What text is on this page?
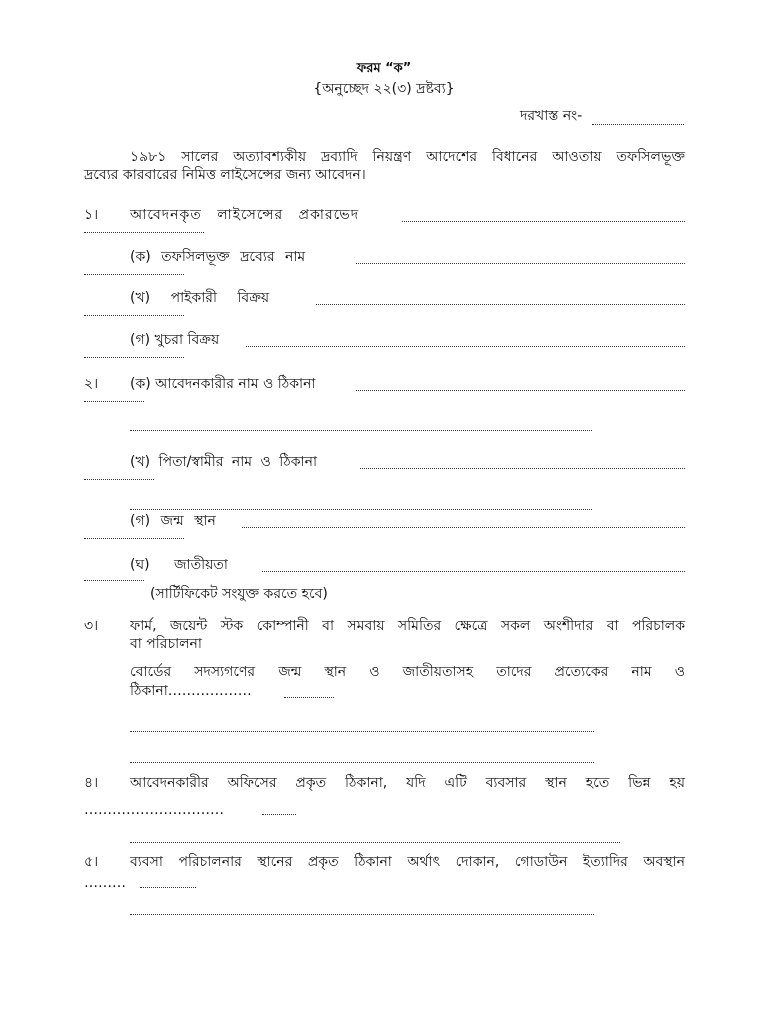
ফরম “ক”
{অনুচ্ছেদ ২২(৩) দ্রষ্টব্য}
দরখাস্ত নং-
১৯৮১ সালের অত্যাবশ্যকীয় দ্রব্যাদি নিয়ন্ত্রণ আদেশের বিধানের আওতায় তফসিলভূক্ত
দ্রব্যের কারবারের নিমিত্ত লাইসেন্সের জন্য আবেদন।
১। আবেদনকৃত লাইসেন্সের প্রকারভেদ
(ক) তফসিলভূক্ত দ্রব্যের নাম
(খ) পাইকারী বিক্রয়
(গ) খুচরা বিক্রয়
২। (ক) আবেদনকারীর নাম ও ঠিকানা
(খ) পিতা/স্বামীর নাম ও ঠিকানা
(গ) জন্ম স্থান
(ঘ) জাতীয়তা
(সার্টিফিকেট সংযুক্ত করতে হবে)
৩। ফার্ম, জয়েন্ট স্টক কোম্পানী বা সমবায় সমিতির ক্ষেত্রে সকল অংশীদার বা পরিচালক
বা পরিচালনা
বোর্ডের সদস্যগণের জন্ম স্থান ও জাতীয়তাসহ তাদের প্রত্যেকের নাম ও
ঠিকানা………………
৪। আবেদনকারীর অফিসের প্রকৃত ঠিকানা, যদি এটি ব্যবসার স্থান হতে ভিন্ন হয়
…………………………
৫। ব্যবসা পরিচালনার স্থানের প্রকৃত ঠিকানা অর্থাৎ দোকান, গোডাউন ইত্যাদির অবস্থান
………
